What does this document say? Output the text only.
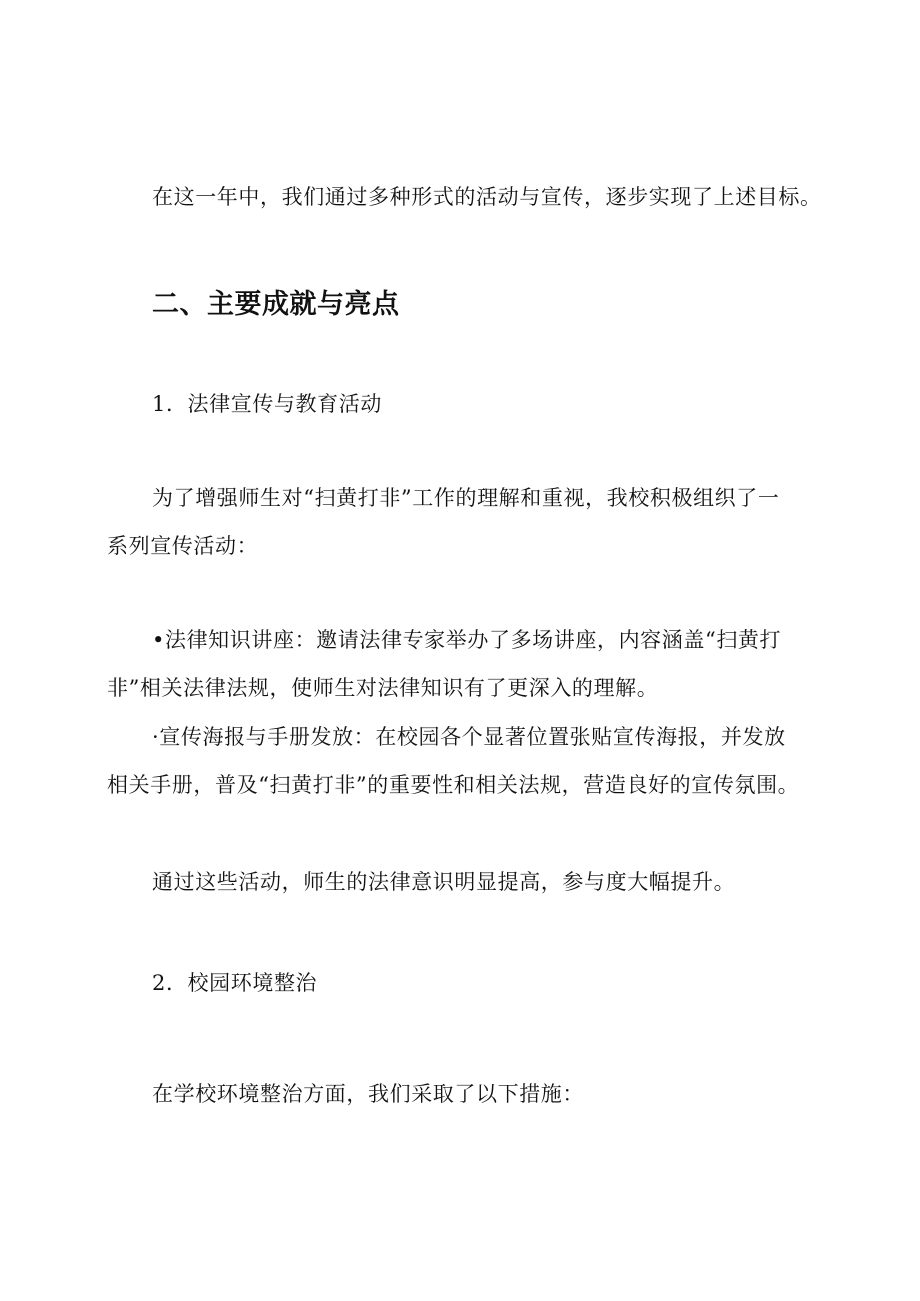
在这一年中，我们通过多种形式的活动与宣传，逐步实现了上述目标。
二、主要成就与亮点
1．法律宣传与教育活动
为了增强师生对“扫黄打非”工作的理解和重视，我校积极组织了一
系列宣传活动：
•法律知识讲座：邀请法律专家举办了多场讲座，内容涵盖“扫黄打
非”相关法律法规，使师生对法律知识有了更深入的理解。
·宣传海报与手册发放：在校园各个显著位置张贴宣传海报，并发放
相关手册，普及“扫黄打非”的重要性和相关法规，营造良好的宣传氛围。
通过这些活动，师生的法律意识明显提高，参与度大幅提升。
2．校园环境整治
在学校环境整治方面，我们采取了以下措施：
